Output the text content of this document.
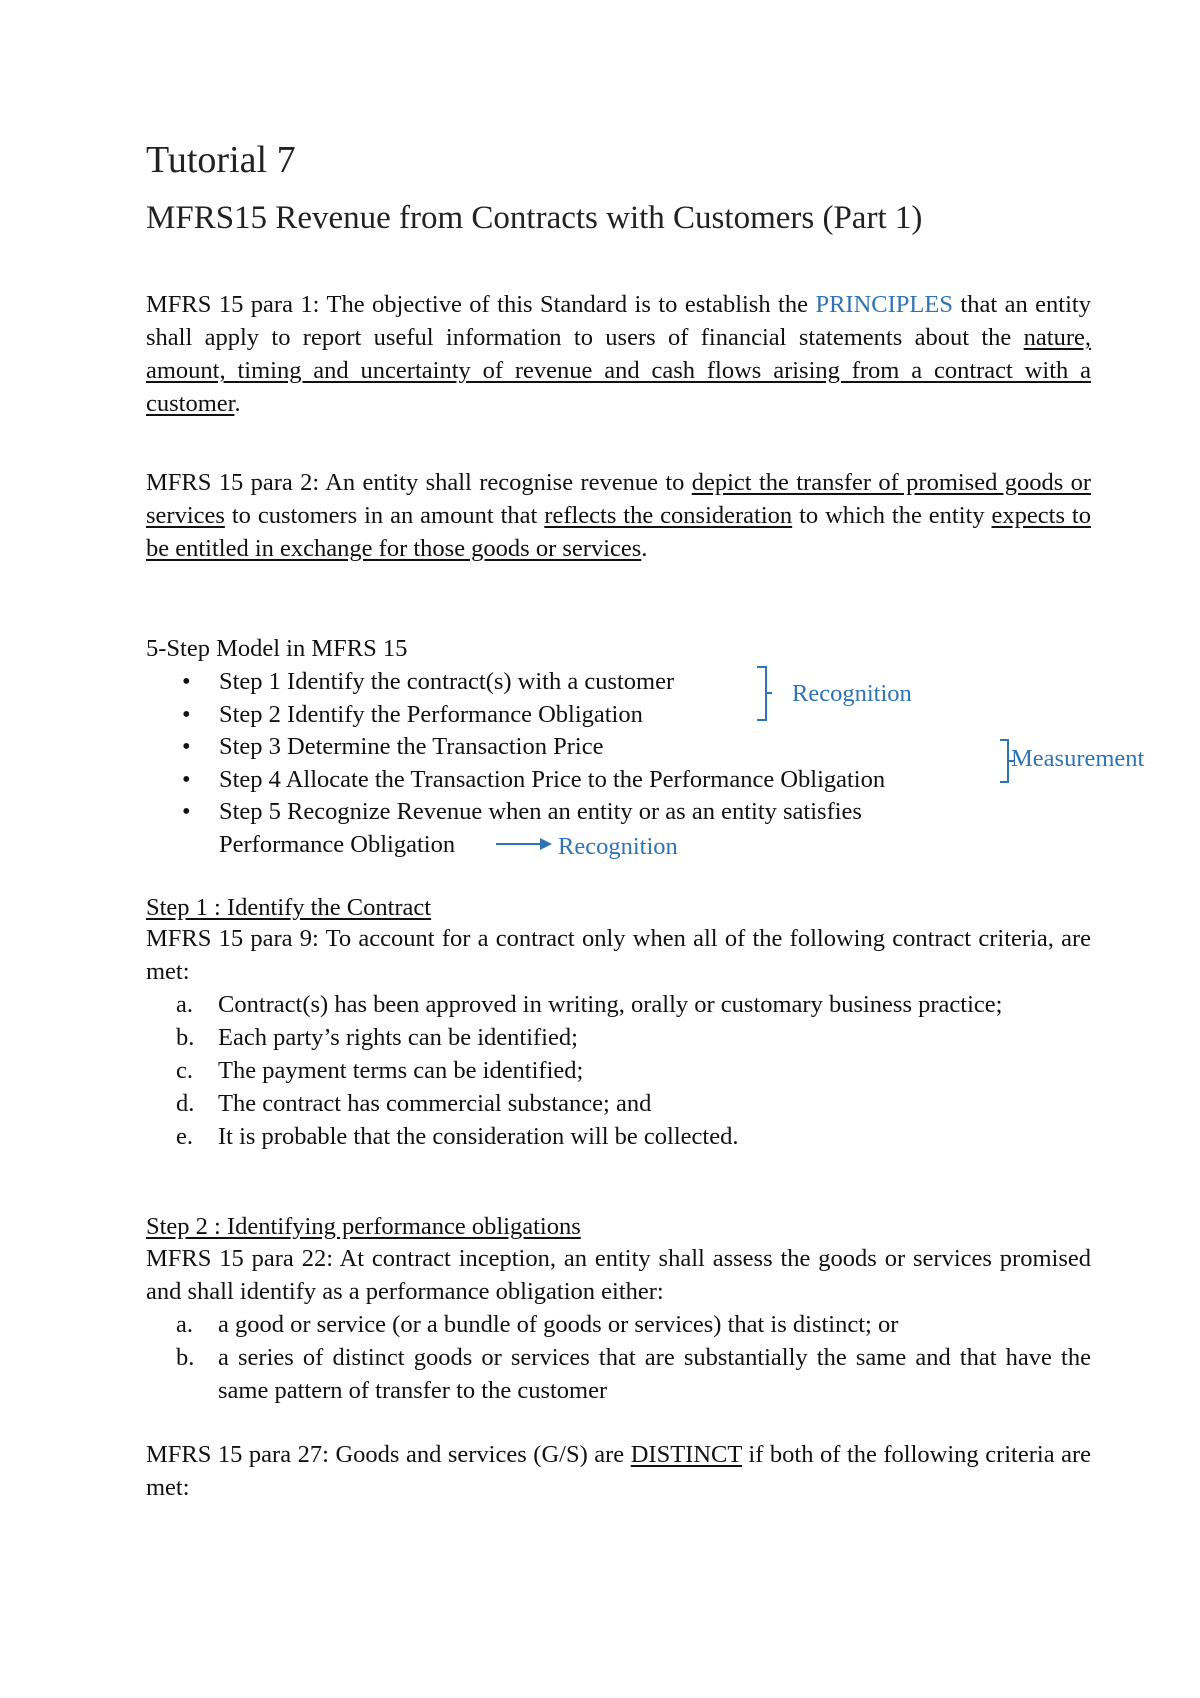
Tutorial 7
MFRS15 Revenue from Contracts with Customers (Part 1)

MFRS 15 para 1: The objective of this Standard is to establish the PRINCIPLES that an entity shall apply to report useful information to users of financial statements about the nature, amount, timing and uncertainty of revenue and cash flows arising from a contract with a customer.

MFRS 15 para 2: An entity shall recognise revenue to depict the transfer of promised goods or services to customers in an amount that reflects the consideration to which the entity expects to be entitled in exchange for those goods or services.

5-Step Model in MFRS 15

• Step 1 Identify the contract(s) with a customer
• Step 2 Identify the Performance Obligation
• Step 3 Determine the Transaction Price
• Step 4 Allocate the Transaction Price to the Performance Obligation
• Step 5 Recognize Revenue when an entity or as an entity satisfies
Performance Obligation
Recognition
Measurement
Recognition

Step 1 : Identify the Contract

MFRS 15 para 9: To account for a contract only when all of the following contract criteria, are met:

a. Contract(s) has been approved in writing, orally or customary business practice;
b. Each party’s rights can be identified;
c. The payment terms can be identified;
d. The contract has commercial substance; and
e. It is probable that the consideration will be collected.

Step 2 : Identifying performance obligations

MFRS 15 para 22: At contract inception, an entity shall assess the goods or services promised and shall identify as a performance obligation either:

a. a good or service (or a bundle of goods or services) that is distinct; or
b. a series of distinct goods or services that are substantially the same and that have the same pattern of transfer to the customer

MFRS 15 para 27: Goods and services (G/S) are DISTINCT if both of the following criteria are met:
